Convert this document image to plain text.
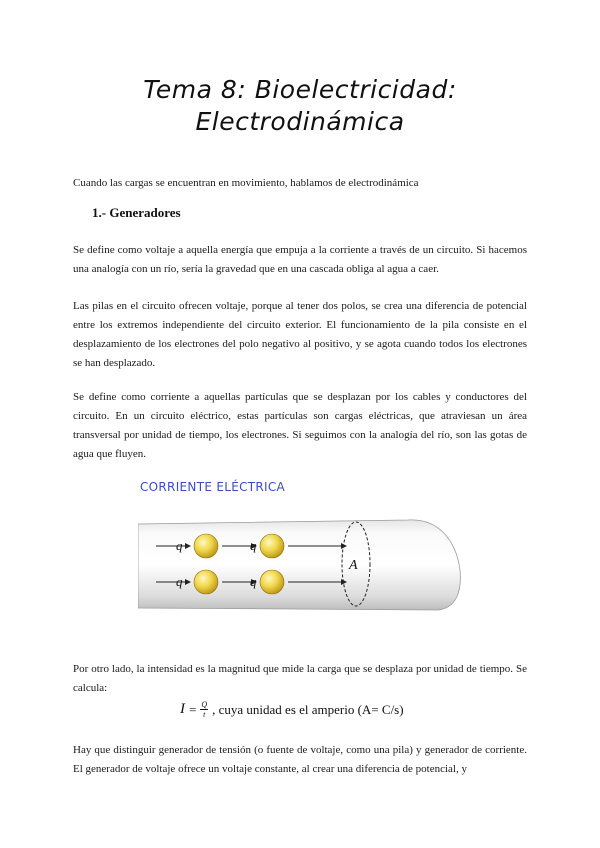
Tema 8: Bioelectricidad:
Electrodinámica
Cuando las cargas se encuentran en movimiento, hablamos de electrodinámica
1.- Generadores
Se define como voltaje a aquella energía que empuja a la corriente a través de un circuito. Si hacemos una analogía con un río, sería la gravedad que en una cascada obliga al agua a caer.
Las pilas en el circuito ofrecen voltaje, porque al tener dos polos, se crea una diferencia de potencial entre los extremos independiente del circuito exterior. El funcionamiento de la pila consiste en el desplazamiento de los electrones del polo negativo al positivo, y se agota cuando todos los electrones se han desplazado.
Se define como corriente a aquellas partículas que se desplazan por los cables y conductores del circuito. En un circuito eléctrico, estas partículas son cargas eléctricas, que atraviesan un área transversal por unidad de tiempo, los electrones. Si seguimos con la analogía del río, son las gotas de agua que fluyen.
CORRIENTE ELÉCTRICA
q	q
q	q
A
Por otro lado, la intensidad es la magnitud que mide la carga que se desplaza por unidad de tiempo. Se calcula:
$I = \frac{Q}{t}$ , cuya unidad es el amperio (A= C/s)
Hay que distinguir generador de tensión (o fuente de voltaje, como una pila) y generador de corriente. El generador de voltaje ofrece un voltaje constante, al crear una diferencia de potencial, y
